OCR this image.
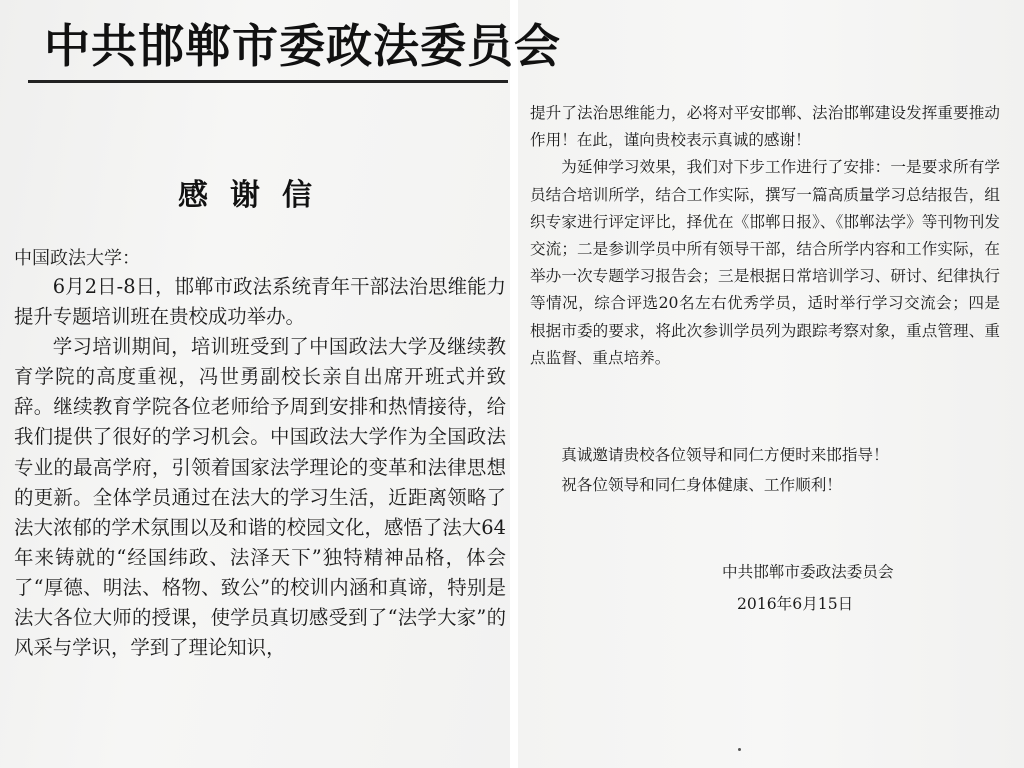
中共邯郸市委政法委员会
感谢信
中国政法大学：

6月2日-8日，邯郸市政法系统青年干部法治思维能力提升专题培训班在贵校成功举办。

学习培训期间，培训班受到了中国政法大学及继续教育学院的高度重视，冯世勇副校长亲自出席开班式并致辞。继续教育学院各位老师给予周到安排和热情接待，给我们提供了很好的学习机会。中国政法大学作为全国政法专业的最高学府，引领着国家法学理论的变革和法律思想的更新。全体学员通过在法大的学习生活，近距离领略了法大浓郁的学术氛围以及和谐的校园文化，感悟了法大64年来铸就的“经国纬政、法泽天下”独特精神品格，体会了“厚德、明法、格物、致公”的校训内涵和真谛，特别是法大各位大师的授课，使学员真切感受到了“法学大家”的风采与学识，学到了理论知识，

提升了法治思维能力，必将对平安邯郸、法治邯郸建设发挥重要推动作用！在此，谨向贵校表示真诚的感谢！

为延伸学习效果，我们对下步工作进行了安排：一是要求所有学员结合培训所学，结合工作实际，撰写一篇高质量学习总结报告，组织专家进行评定评比，择优在《邯郸日报》、《邯郸法学》等刊物刊发交流；二是参训学员中所有领导干部，结合所学内容和工作实际，在举办一次专题学习报告会；三是根据日常培训学习、研讨、纪律执行等情况，综合评选20名左右优秀学员，适时举行学习交流会；四是根据市委的要求，将此次参训学员列为跟踪考察对象，重点管理、重点监督、重点培养。

真诚邀请贵校各位领导和同仁方便时来邯指导！

祝各位领导和同仁身体健康、工作顺利！

中共邯郸市委政法委员会
2016年6月15日
